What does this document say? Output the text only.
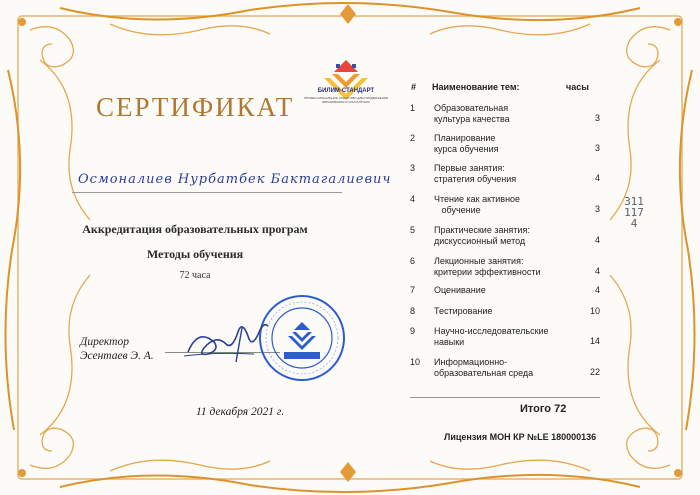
БИЛИМ-СТАНДАРТ
ПРОФЕССИОНАЛЬНОЕ АГЕНТСТВО ДЛЯ ПРОДВИЖЕНИЯ ОБРАЗОВАНИЯ И КОНСАЛТИНГА
СЕРТИФИКАТ
Осмоналиев Нурбатбек Бактагалиевич
Аккредитация образовательных програм
Методы обучения
72 часа
Директор
Эсентаев Э. А.
11 декабря 2021 г.
3111174
# Наименование тем:	часы
1	Образовательная
культура качества	3
2	Планирование
курса обучения	3
3	Первые занятия:
стратегия обучения	4
4	Чтение как активное
обучение	3
5	Практические занятия:
дискуссионный метод	4
6	Лекционные занятия:
критерии эффективности	4
7	Оценивание	4
8	Тестирование	10
9	Научно-исследовательские
навыки	14
10 Информационно-
образовательная среда	22
Итого 72
Лицензия МОН КР №LE 180000136
